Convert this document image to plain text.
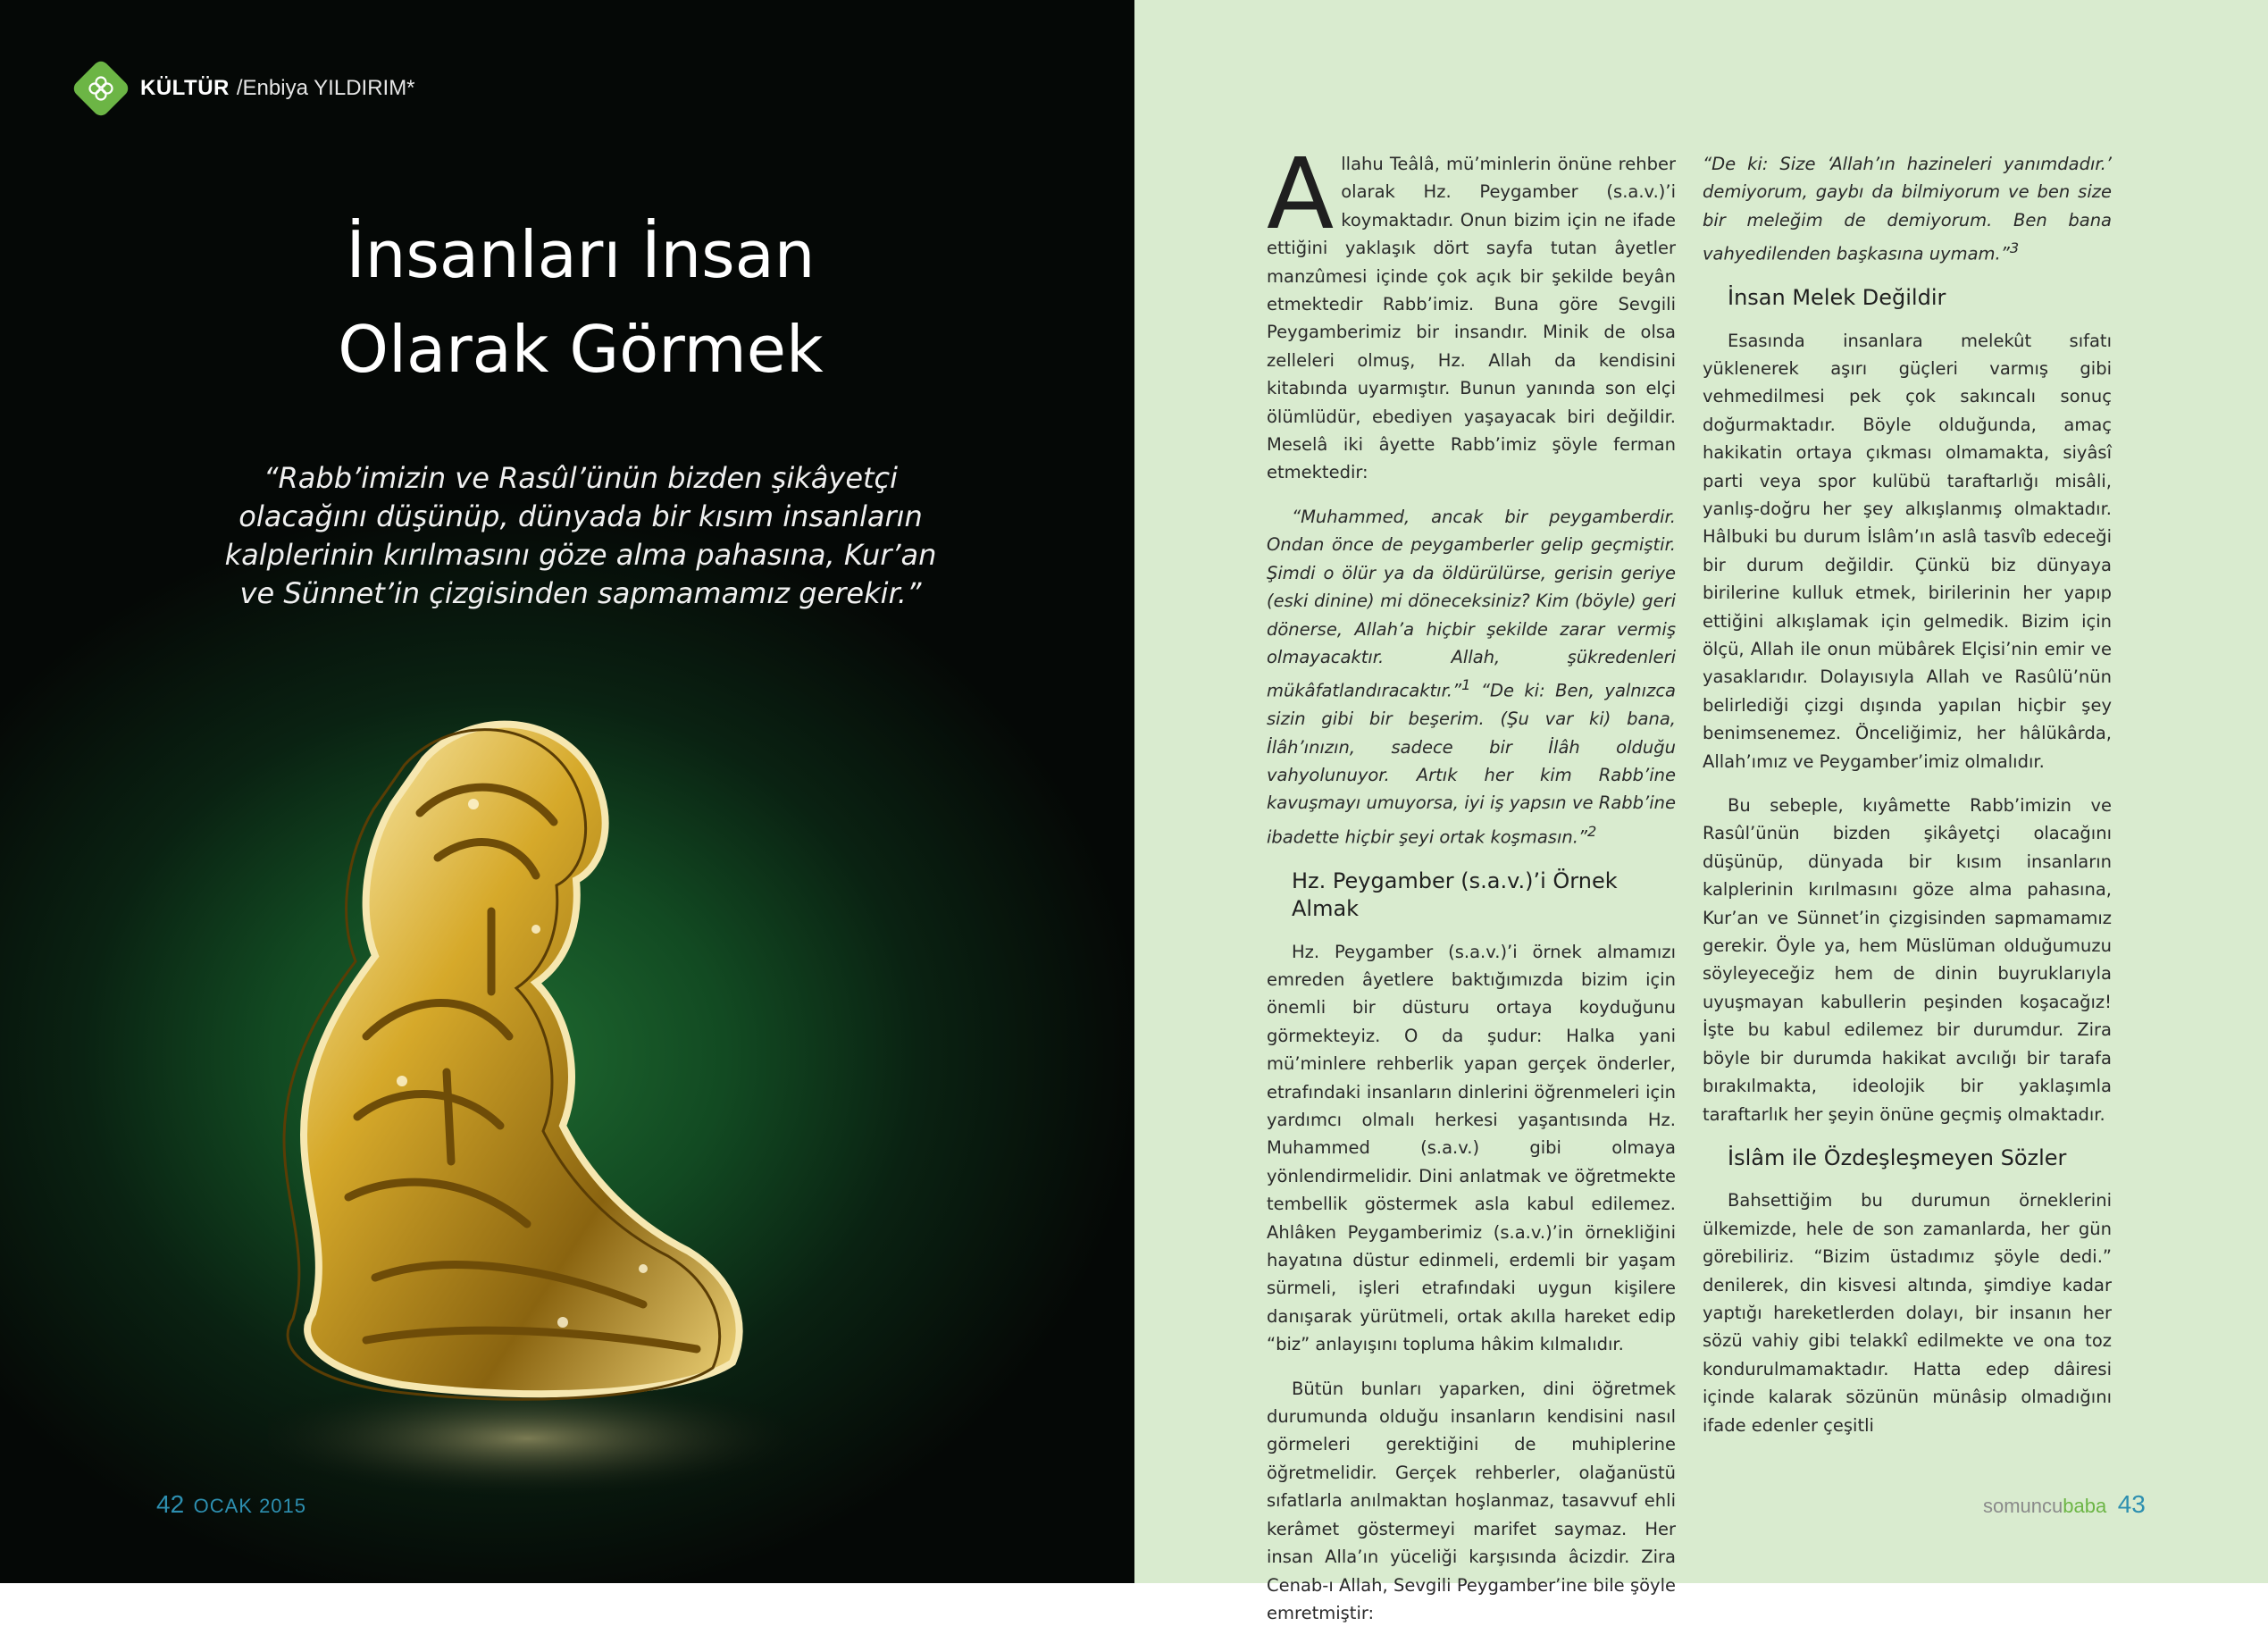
KÜLTÜR / Enbiya YILDIRIM*
İnsanları İnsan
Olarak Görmek
“Rabb’imizin ve Rasûl’ünün bizden şikâyetçi olacağını düşünüp, dünyada bir kısım insanların kalplerinin kırılmasını göze alma pahasına, Kur’an ve Sünnet’in çizgisinden sapmamamız gerekir.”
42 OCAK 2015

Allahu Teâlâ, mü’minlerin önüne rehber olarak Hz. Peygamber (s.a.v.)’i koymaktadır. Onun bizim için ne ifade ettiğini yaklaşık dört sayfa tutan âyetler manzûmesi içinde çok açık bir şekilde beyân etmektedir Rabb’imiz. Buna göre Sevgili Peygamberimiz bir insandır. Minik de olsa zelleleri olmuş, Hz. Allah da kendisini kitabında uyarmıştır. Bunun yanında son elçi ölümlüdür, ebediyen yaşayacak biri değildir. Meselâ iki âyette Rabb’imiz şöyle ferman etmektedir:

“Muhammed, ancak bir peygamberdir. Ondan önce de peygamberler gelip geçmiştir. Şimdi o ölür ya da öldürülürse, gerisin geriye (eski dinine) mi döneceksiniz? Kim (böyle) geri dönerse, Allah’a hiçbir şekilde zarar vermiş olmayacaktır. Allah, şükredenleri mükâfatlandıracaktır.”$^1$ “De ki: Ben, yalnızca sizin gibi bir beşerim. (Şu var ki) bana, İlâh’ınızın, sadece bir İlâh olduğu vahyolunuyor. Artık her kim Rabb’ine kavuşmayı umuyorsa, iyi iş yapsın ve Rabb’ine ibadette hiçbir şeyi ortak koşmasın.”$^2$

Hz. Peygamber (s.a.v.)’i Örnek Almak

Hz. Peygamber (s.a.v.)’i örnek almamızı emreden âyetlere baktığımızda bizim için önemli bir düsturu ortaya koyduğunu görmekteyiz. O da şudur: Halka yani mü’minlere rehberlik yapan gerçek önderler, etrafındaki insanların dinlerini öğrenmeleri için yardımcı olmalı herkesi yaşantısında Hz. Muhammed (s.a.v.) gibi olmaya yönlendirmelidir. Dini anlatmak ve öğretmekte tembellik göstermek asla kabul edilemez. Ahlâken Peygamberimiz (s.a.v.)’in örnekliğini hayatına düstur edinmeli, erdemli bir yaşam sürmeli, işleri etrafındaki uygun kişilere danışarak yürütmeli, ortak akılla hareket edip “biz” anlayışını topluma hâkim kılmalıdır.

Bütün bunları yaparken, dini öğretmek durumunda olduğu insanların kendisini nasıl görmeleri gerektiğini de muhiplerine öğretmelidir. Gerçek rehberler, olağanüstü sıfatlarla anılmaktan hoşlanmaz, tasavvuf ehli kerâmet göstermeyi marifet saymaz. Her insan Alla’ın yüceliği karşısında âcizdir. Zira Cenab-ı Allah, Sevgili Peygamber’ine bile şöyle emretmiştir:

“De ki: Size ‘Allah’ın hazineleri yanımdadır.’ demiyorum, gaybı da bilmiyorum ve ben size bir meleğim de demiyorum. Ben bana vahyedilenden başkasına uymam.”$^3$

İnsan Melek Değildir

Esasında insanlara melekût sıfatı yüklenerek aşırı güçleri varmış gibi vehmedilmesi pek çok sakıncalı sonuç doğurmaktadır. Böyle olduğunda, amaç hakikatin ortaya çıkması olmamakta, siyâsî parti veya spor kulübü taraftarlığı misâli, yanlış-doğru her şey alkışlanmış olmaktadır. Hâlbuki bu durum İslâm’ın aslâ tasvîb edeceği bir durum değildir. Çünkü biz dünyaya birilerine kulluk etmek, birilerinin her yapıp ettiğini alkışlamak için gelmedik. Bizim için ölçü, Allah ile onun mübârek Elçisi’nin emir ve yasaklarıdır. Dolayısıyla Allah ve Rasûlü’nün belirlediği çizgi dışında yapılan hiçbir şey benimsenemez. Önceliğimiz, her hâlükârda, Allah’ımız ve Peygamber’imiz olmalıdır.

Bu sebeple, kıyâmette Rabb’imizin ve Rasûl’ünün bizden şikâyetçi olacağını düşünüp, dünyada bir kısım insanların kalplerinin kırılmasını göze alma pahasına, Kur’an ve Sünnet’in çizgisinden sapmamamız gerekir. Öyle ya, hem Müslüman olduğumuzu söyleyeceğiz hem de dinin buyruklarıyla uyuşmayan kabullerin peşinden koşacağız! İşte bu kabul edilemez bir durumdur. Zira böyle bir durumda hakikat avcılığı bir tarafa bırakılmakta, ideolojik bir yaklaşımla taraftarlık her şeyin önüne geçmiş olmaktadır.

İslâm ile Özdeşleşmeyen Sözler

Bahsettiğim bu durumun örneklerini ülkemizde, hele de son zamanlarda, her gün görebiliriz. “Bizim üstadımız şöyle dedi.” denilerek, din kisvesi altında, şimdiye kadar yaptığı hareketlerden dolayı, bir insanın her sözü vahiy gibi telakkî edilmekte ve ona toz kondurulmamaktadır. Hatta edep dâiresi içinde kalarak sözünün münâsip olmadığını ifade edenler çeşitli

somuncubaba 43
